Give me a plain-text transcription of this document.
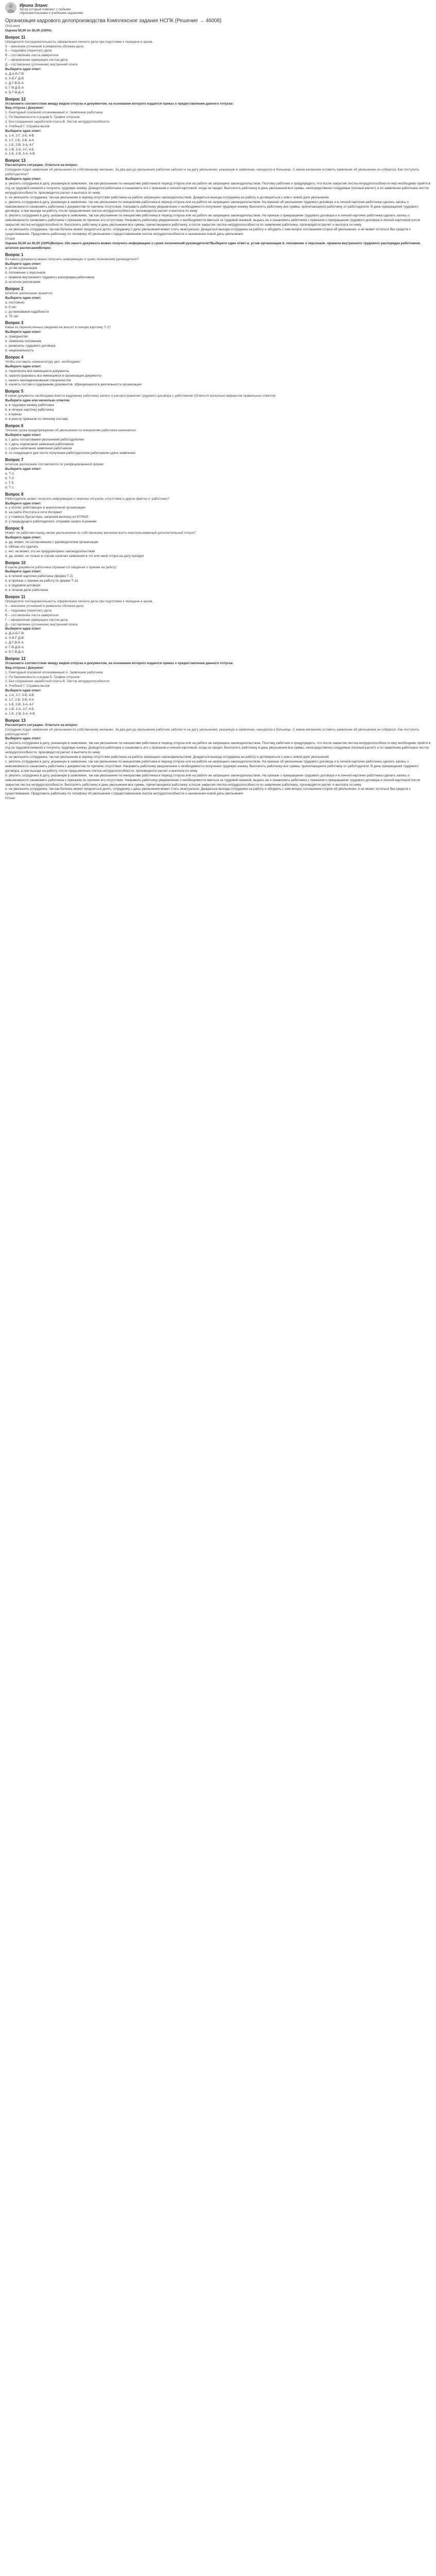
Ирина Эланс
Автор который поможет с любыми образовательными и учебными заданиями
Организация кадрового делопроизводства Комплексное задание НСПК (Решение → 46008)
Описание
Оценка 50,00 из 50,00 (100%)
Вопрос 11

Определите последовательность оформления личного дела при подготовке к передаче в архив.

А – внесение уточнений в реквизиты обложки дела

Б – подшивка (переплет) дела

В – составление листа-заверителя

Г – оформление нумерации листов дела

Д – составление (уточнение) внутренней описи

Выберите один ответ:

a. Д-А-Б-Г-В

b. А-Б-Г-Д-В

c. Д-Г-В-Б-А

d. Г-В-Д-Б-А

e. Б-Г-В-Д-А

Вопрос 12

Установите соответствие между видом отпуска и документом, на основании которого издается приказ о предоставлении данного отпуска:

Вид отпуска / Документ

1. Ежегодный основной оплачиваемый А. Заявление работника

2. По беременности и родам Б. График отпусков

3. Без сохранения заработной платы В. Листок нетрудоспособности

4. Учебный Г. Справка-вызов

Выберите один ответ:

a. 1-А, 2-Г, 3-Б, 4-В

b. 1-Г, 2-Б, 3-В, 4-А

c. 1-Б, 2-В, 3-А, 4-Г

d. 1-В, 2-А, 3-Г, 4-Б

e. 1-Б, 2-В, 3-А, 4-В

Вопрос 13

Рассмотрите ситуацию. Ответьте на вопрос:

Сотрудник подал заявление об увольнении по собственному желанию. За два дня до увольнения работник заболел и на дату увольнения, указанную в заявлении, находился в больнице. С каким желанием оставить заявление об увольнении он собрался. Как поступить работодателю?

Выберите один ответ:

a. уволить сотрудника в дату, указанную в заявлении, так как увольнение по инициативе работника в период отпуска или на работе не запрещено законодательством. Поэтому работник и предупредить, что после закрытия листка нетрудоспособности ему необходимо прийти в отд за трудовой книжкой и получить трудовую книжку. Доводится работника и ознакомить его с приказом и личной карточкой, когда он придет. Выплатить работнику в день увольнения все суммы, непосредственно следуемые (полный расчет) и по заявлению работника листок нетрудоспособности, производится расчет и выплата по нему

b. не увольнять сотрудника, так как увольнение в период отсутствия работника на работе запрещено законодательством. Дождаться выхода сотрудника на работу и договориться с ним о новой дате увольнения

c. уволить сотрудника в дату, указанную в заявлении, так как увольнение по инициативе работника в период отпуска или на работе не запрещено законодательством. На приказе об увольнении трудового договора и в личной карточке работника сделать запись о невозможности ознакомить работника с документом по причине отсутствия. Направить работнику уведомление о необходимости получения трудовую книжку. Выплатить работнику все суммы, причитающиеся работнику от работодателя. В день прекращения трудового договора, а при выходе на работу, после предъявления листка нетрудоспособности, производится расчет и выплата по нему

d. уволить сотрудника в дату, указанную в заявлении, так как увольнение по инициативе работника в период отпуска или на работе не запрещено законодательством. На приказе о прекращении трудового договора и в личной карточке работника сделать запись о невозможности ознакомить работника с приказом по причине его отсутствия. Направить работнику уведомление о необходимости явиться за трудовой книжкой, выдать ее и ознакомить работника с приказом о прекращении трудового договора и личной карточкой после закрытия листка нетрудоспособности. Выплатить работнику в день увольнения все суммы, причитающиеся работнику, а после закрытия листка нетрудоспособности по заявлению работника, производится расчет и выплата по нему

e. не увольнять сотрудника, так как болезнь может продлиться долго, сотруднику с даты увольнения может стать неактуально. Дождаться выхода сотрудника на работу и обсудить с ним вопрос соглашения сторон об увольнении, и не может остаться без средств к существованию. Предложить работнику по телефону об увольнении с предоставлением листка нетрудоспособности и назначении новой даты увольнения

Отзыв

Оценка 50,00 из 50,00 (100%)Вопрос 1Из какого документа можно получить информацию о сроке полномочий руководителя?Выберите один ответ:a. устав организации b. положение о персонале. правила внутреннего трудового распорядка работников. штатное расписаниеВопрос

Вопрос 1

Из какого документа можно получить информацию о сроке полномочий руководителя?

Выберите один ответ:

a. устав организации

b. положение о персонале

c. правила внутреннего трудового распорядка работников

d. штатное расписание

Вопрос 2

Штатное расписание хранится:

Выберите один ответ:

a. постоянно

b. 5 лет

c. до минования надобности

d. 75 лет

Вопрос 3

Какие из перечисленных сведений не вносят в личную карточку Т-2?

Выберите один ответ:

a. гражданство

b. семейное положение

c. реквизиты трудового договора

d. национальность

Вопрос 4

Чтобы составить номенклатуру дел, необходимо:

Выберите один ответ:

a. переписать все имеющиеся документы

b. зарегистрировать все имеющиеся в организации документы

c. начать нахождениеовыши специалистов

d. изучить состав и содержание документов, образующихся в деятельности организации

Вопрос 5

В какие документы необходимо внести кадровому работнику записи о распространении трудового договора с работником (Отметьте несколько вариантов правильных ответов):

Выберите один или несколько ответов:

a. в трудовую книжку работника

b. в личную карточку работника

c. в приказ

d. в реестр приказов по личному составу

Вопрос 6

Течение срока предупреждения об увольнении по инициативе работника начинается:

Выберите один ответ:

a. с даты согласования увольнения работодателем

b. с даты подписания заявления работником

c. с даты написания заявления работником

d. со следующего дня после получения работодателем работником сдачи заявления

Вопрос 7

Штатное расписание составляется по унифицированной форме:

Выберите один ответ:

a. Т-2

b. Т-3

c. Т-5

d. Т-1

Вопрос 8

Работодатель может получить информацию о перечне отпусков, отсутствии и других фактах о: работнике?

Выберите один ответ:

a. у коллег, работающих в аналогичной организации

b. на сайте Росстата в сети Интернет

c. у главного бухгалтера, запросив выписку из ЕГРЮЛ

d. у предыдущего работодателя, отправив запрос в режиме

Вопрос 9

Может ли работник перед своим увольнением по собственному желанию взять неиспользованный дополнительный отпуск?

Выберите один ответ:

a. да, может, по согласованию с руководителем организации

b. обязан это сделать

c. нет, не может, это не предусмотрено законодательством

d. да, может, но только в случае наличия заявления в тот или иной отпуск на дату пройдет

Вопрос 10

В каком документе работника отражаются сведения о приеме на работу:

Выберите один ответ:

a. в личной карточке работника (форма Т-2)

b. в приказе о приеме на работу по форме Т-1а

c. в трудовом договоре

d. в личном деле работника

Вопрос 11

Определите последовательность оформления личного дела при подготовке к передаче в архив.

А – внесение уточнений в реквизиты обложки дела

Б – подшивка (переплет) дела

В – составление листа-заверителя

Г – оформление нумерации листов дела

Д – составление (уточнение) внутренней описи

Выберите один ответ:

a. Д-А-Б-Г-В

b. А-Б-Г-Д-В

c. Д-Г-В-Б-А

d. Г-В-Д-Б-А

e. Б-Г-В-Д-А

Вопрос 12

Установите соответствие между видом отпуска и документом, на основании которого издается приказ о предоставлении данного отпуска:

Вид отпуска / Документ

1. Ежегодный основной оплачиваемый А. Заявление работника

2. По беременности и родам Б. График отпусков

3. Без сохранения заработной платы В. Листок нетрудоспособности

4. Учебный Г. Справка-вызов

Выберите один ответ:

a. 1-А, 2-Г, 3-Б, 4-В

b. 1-Г, 2-Б, 3-В, 4-А

c. 1-Б, 2-В, 3-А, 4-Г

d. 1-В, 2-А, 3-Г, 4-Б

e. 1-Б, 2-В, 3-А, 4-В

Вопрос 13

Рассмотрите ситуацию. Ответьте на вопрос:

Сотрудник подал заявление об увольнении по собственному желанию. За два дня до увольнения работник заболел и на дату увольнения, указанную в заявлении, находился в больнице. С каким желанием оставить заявление об увольнении он собрался. Как поступить работодателю?

Выберите один ответ:

a. уволить сотрудника в дату, указанную в заявлении, так как увольнение по инициативе работника в период отпуска или на работе не запрещено законодательством. Поэтому работник и предупредить, что после закрытия листка нетрудоспособности ему необходимо прийти в отд за трудовой книжкой и получить трудовую книжку. Доводится работника и ознакомить его с приказом и личной карточкой, когда он придет. Выплатить работнику в день увольнения все суммы, непосредственно следуемые (полный расчет) и по заявлению работника листок нетрудоспособности, производится расчет и выплата по нему

b. не увольнять сотрудника, так как увольнение в период отсутствия работника на работе запрещено законодательством. Дождаться выхода сотрудника на работу и договориться с ним о новой дате увольнения

c. уволить сотрудника в дату, указанную в заявлении, так как увольнение по инициативе работника в период отпуска или на работе не запрещено законодательством. На приказе об увольнении трудового договора и в личной карточке работника сделать запись о невозможности ознакомить работника с документом по причине отсутствия. Направить работнику уведомление о необходимости получения трудовую книжку. Выплатить работнику все суммы, причитающиеся работнику от работодателя. В день прекращения трудового договора, а при выходе на работу, после предъявления листка нетрудоспособности, производится расчет и выплата по нему

d. уволить сотрудника в дату, указанную в заявлении, так как увольнение по инициативе работника в период отпуска или на работе не запрещено законодательством. На приказе о прекращении трудового договора и в личной карточке работника сделать запись о невозможности ознакомить работника с приказом по причине его отсутствия. Направить работнику уведомление о необходимости явиться за трудовой книжкой, выдать ее и ознакомить работника с приказом о прекращении трудового договора и личной карточкой после закрытия листка нетрудоспособности. Выплатить работнику в день увольнения все суммы, причитающиеся работнику, а после закрытия листка нетрудоспособности по заявлению работника, производится расчет и выплата по нему

e. не увольнять сотрудника, так как болезнь может продлиться долго, сотруднику с даты увольнения может стать неактуально. Дождаться выхода сотрудника на работу и обсудить с ним вопрос соглашения сторон об увольнении, и не может остаться без средств к существованию. Предложить работнику по телефону об увольнении с предоставлением листка нетрудоспособности и назначении новой даты увольнения

Отзыв
